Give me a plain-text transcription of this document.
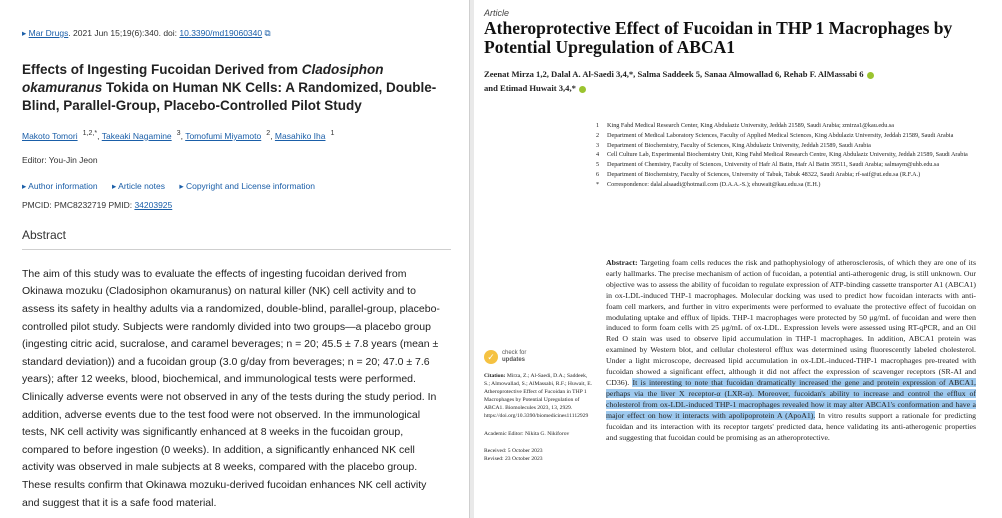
▸ Mar Drugs. 2021 Jun 15;19(6):340. doi: 10.3390/md19060340 ⧉
Effects of Ingesting Fucoidan Derived from Cladosiphon okamuranus Tokida on Human NK Cells: A Randomized, Double-Blind, Parallel-Group, Placebo-Controlled Pilot Study
Makoto Tomori $^{1,2,*}$, Takeaki Nagamine $^3$, Tomofumi Miyamoto $^2$, Masahiko Iha $^1$
Editor: You-Jin Jeon
▸ Author information ▸ Article notes ▸ Copyright and License information
PMCID: PMC8232719 PMID: 34203925
Abstract
The aim of this study was to evaluate the effects of ingesting fucoidan derived from Okinawa mozuku (Cladosiphon okamuranus) on natural killer (NK) cell activity and to assess its safety in healthy adults via a randomized, double-blind, parallel-group, placebo-controlled pilot study. Subjects were randomly divided into two groups—a placebo group (ingesting citric acid, sucralose, and caramel beverages; n = 20; 45.5 ± 7.8 years (mean ± standard deviation)) and a fucoidan group (3.0 g/day from beverages; n = 20; 47.0 ± 7.6 years); after 12 weeks, blood, biochemical, and immunological tests were performed. Clinically adverse events were not observed in any of the tests during the study period. In addition, adverse events due to the test food were not observed. In the immunological tests, NK cell activity was significantly enhanced at 8 weeks in the fucoidan group, compared to before ingestion (0 weeks). In addition, a significantly enhanced NK cell activity was observed in male subjects at 8 weeks, compared with the placebo group. These results confirm that Okinawa mozuku-derived fucoidan enhances NK cell activity and suggest that it is a safe food material.
Article
Atheroprotective Effect of Fucoidan in THP 1 Macrophages by Potential Upregulation of ABCA1
Zeenat Mirza 1,2, Dalal A. Al-Saedi 3,4,*, Salma Saddeek 5, Sanaa Almowallad 6, Rehab F. AlMassabi 6
and Etimad Huwait 3,4,*
1	King Fahd Medical Research Center, King Abdulaziz University, Jeddah 21589, Saudi Arabia; zmirza1@kau.edu.sa
2	Department of Medical Laboratory Sciences, Faculty of Applied Medical Sciences, King Abdulaziz University, Jeddah 21589, Saudi Arabia
3	Department of Biochemistry, Faculty of Sciences, King Abdulaziz University, Jeddah 21589, Saudi Arabia
4	Cell Culture Lab, Experimental Biochemistry Unit, King Fahd Medical Research Centre, King Abdulaziz University, Jeddah 21589, Saudi Arabia
5	Department of Chemistry, Faculty of Sciences, University of Hafr Al Batin, Hafr Al Batin 39511, Saudi Arabia; salmaym@uhb.edu.sa
6	Department of Biochemistry, Faculty of Sciences, University of Tabuk, Tabuk 48322, Saudi Arabia; rf-saif@ut.edu.sa (R.F.A.)
*	Correspondence: dalal.alsaadi@hotmail.com (D.A.A.-S.); ehuwait@kau.edu.sa (E.H.)
✓	check for
updates
Citation: Mirza, Z.; Al-Saedi, D.A.; Saddeek, S.; Almowallad, S.; AlMassabi, R.F.; Huwait, E. Atheroprotective Effect of Fucoidan in THP 1 Macrophages by Potential Upregulation of ABCA1. Biomolecules 2023, 13, 2929. https://doi.org/10.3390/biomedicines11112929
Academic Editor: Nikita G. Nikiforov
Received: 5 October 2023
Revised: 23 October 2023
Abstract: Targeting foam cells reduces the risk and pathophysiology of atherosclerosis, of which they are one of its early hallmarks. The precise mechanism of action of fucoidan, a potential anti-atherogenic drug, is still unknown. Our objective was to assess the ability of fucoidan to regulate expression of ATP-binding cassette transporter A1 (ABCA1) in ox-LDL-induced THP-1 macrophages. Molecular docking was used to predict how fucoidan interacts with anti-foam cell markers, and further in vitro experiments were performed to evaluate the protective effect of fucoidan on modulating uptake and efflux of lipids. THP-1 macrophages were protected by 50 μg/mL of fucoidan and were then induced to form foam cells with 25 μg/mL of ox-LDL. Expression levels were assessed using RT-qPCR, and an Oil Red O stain was used to observe lipid accumulation in THP-1 macrophages. In addition, ABCA1 protein was examined by Western blot, and cellular cholesterol efflux was determined using fluorescently labeled cholesterol. Under a light microscope, decreased lipid accumulation in ox-LDL-induced-THP-1 macrophages pre-treated with fucoidan showed a significant effect, although it did not affect the expression of scavenger receptors (SR-AI and CD36). It is interesting to note that fucoidan dramatically increased the gene and protein expression of ABCA1, perhaps via the liver X receptor-α (LXR-α). Moreover, fucoidan's ability to increase and control the efflux of cholesterol from ox-LDL-induced THP-1 macrophages revealed how it may alter ABCA1's conformation and have a major effect on how it interacts with apolipoprotein A (ApoA1). In vitro results support a rationale for predicting fucoidan and its interaction with its receptor targets' predicted data, hence validating its anti-atherogenic properties and suggesting that fucoidan could be promising as an atheroprotective.
